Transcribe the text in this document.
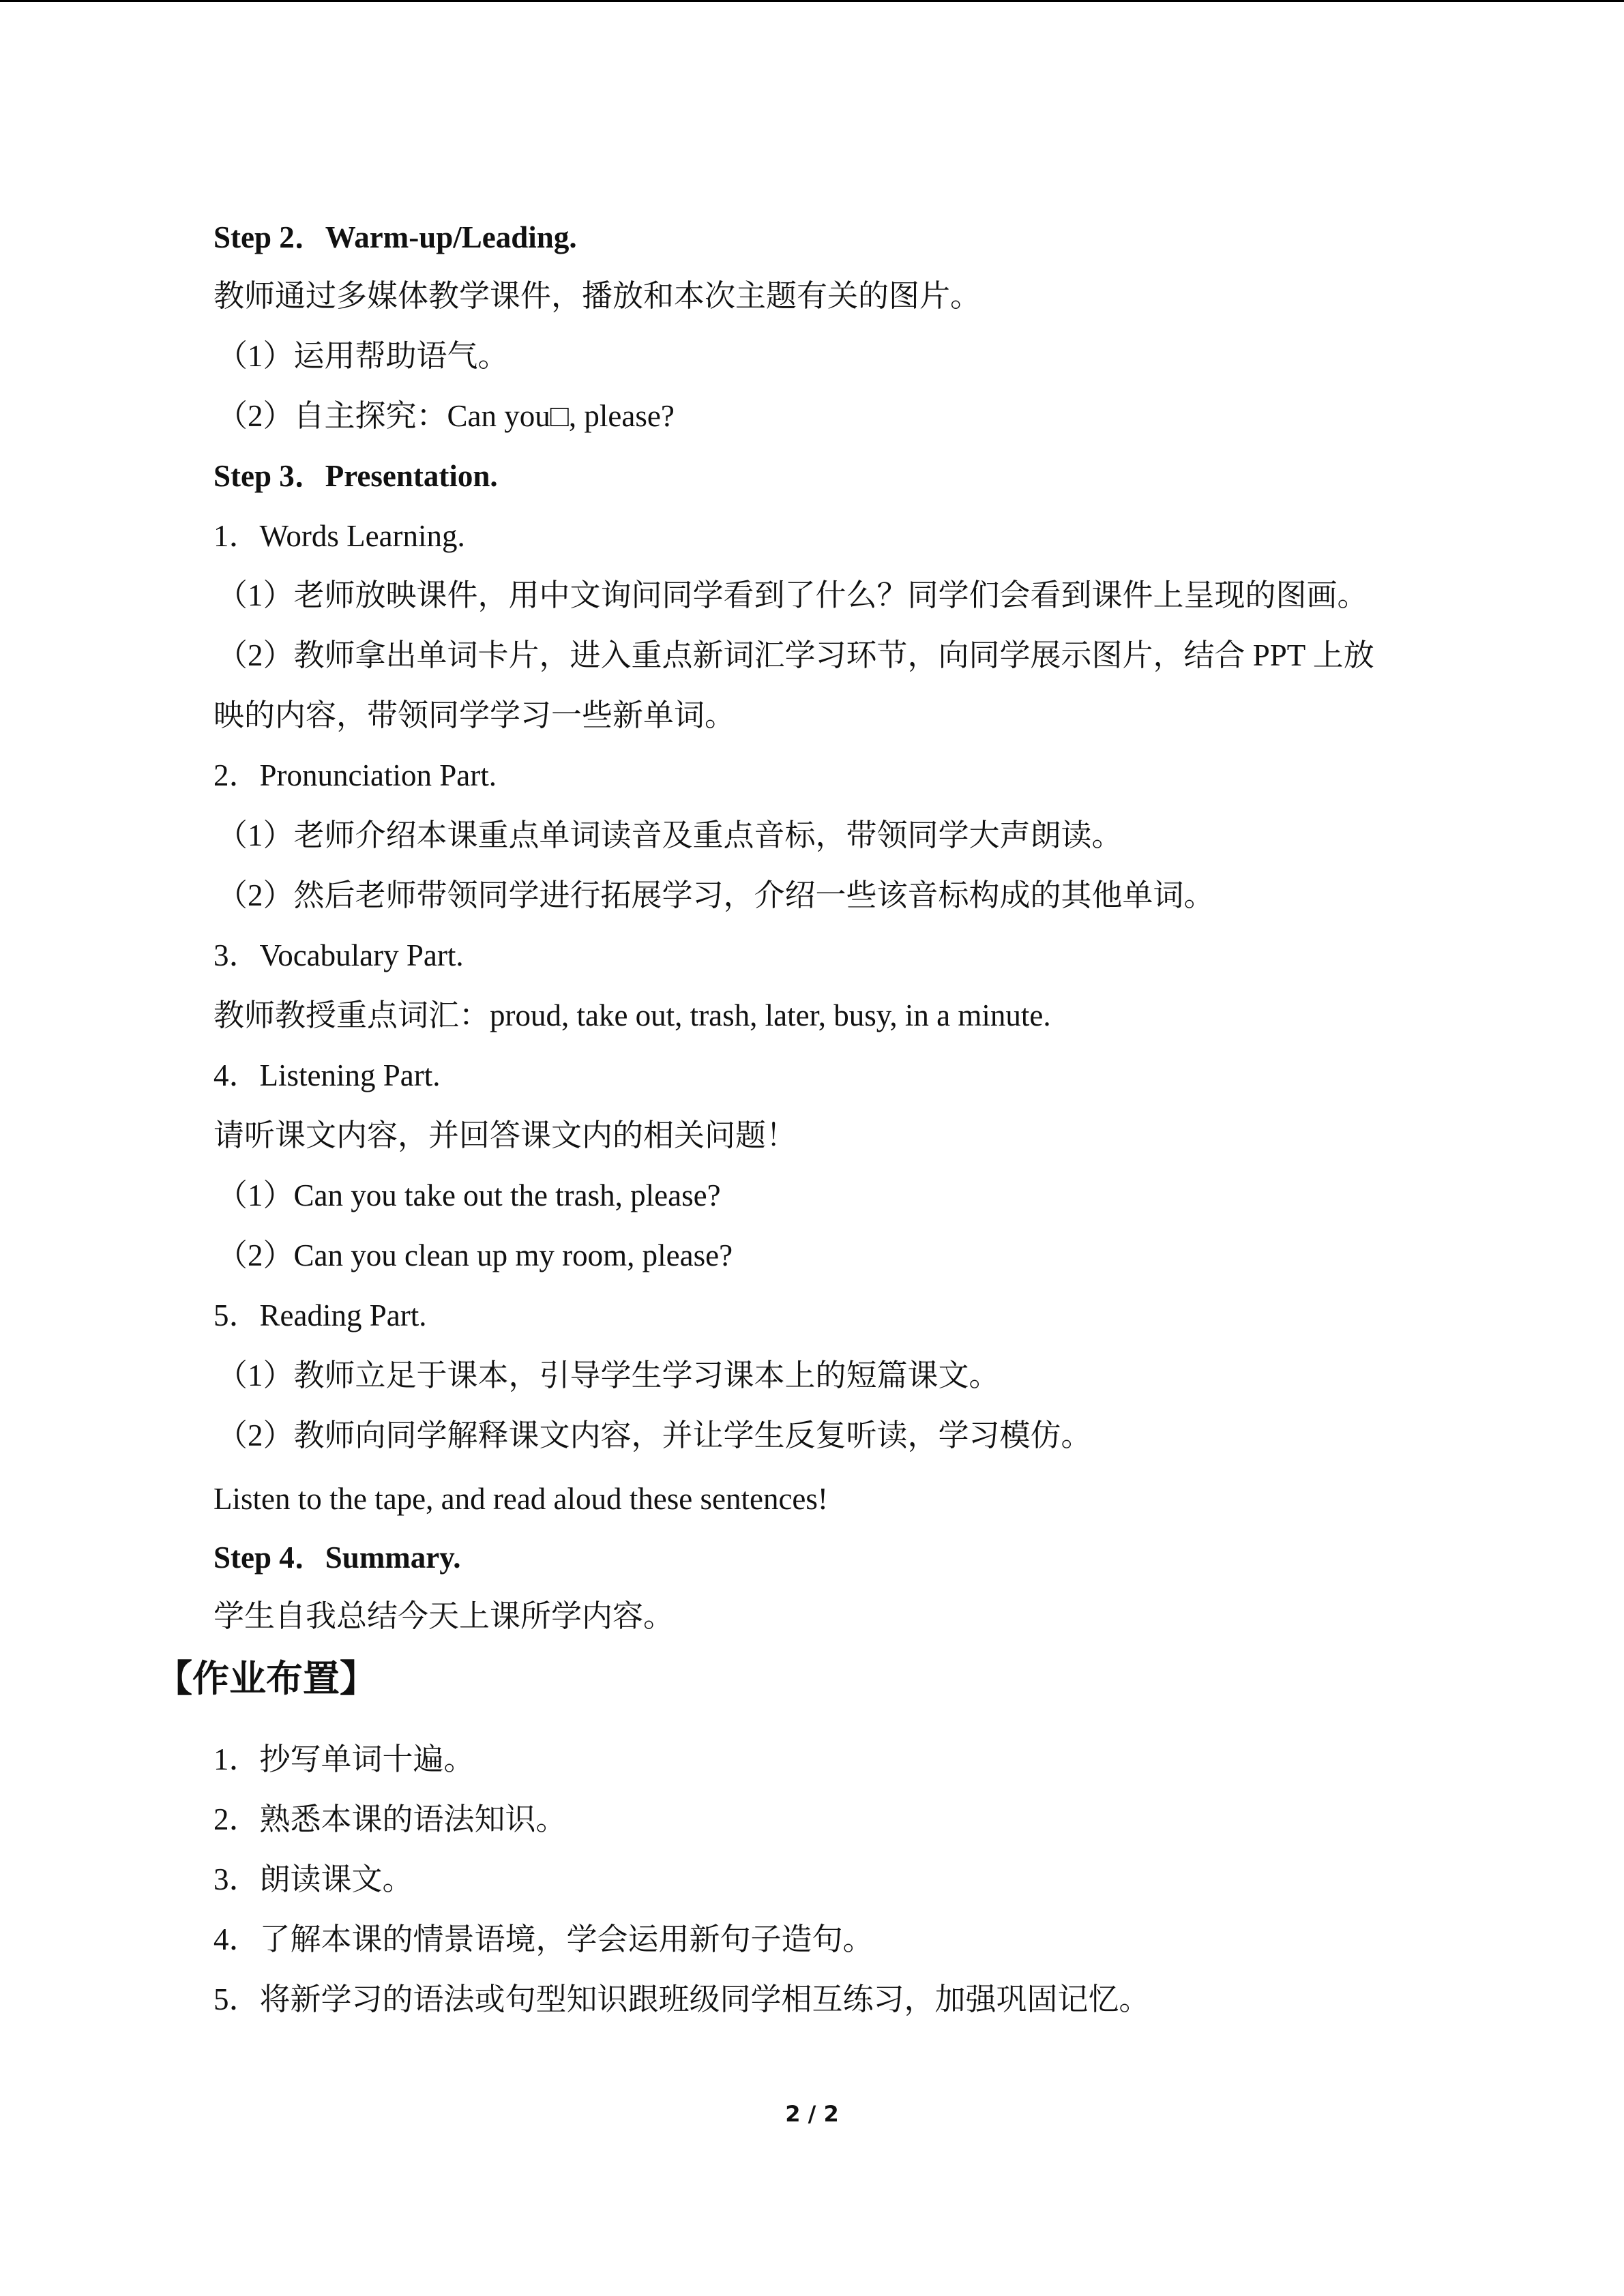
Step 2．Warm-up/Leading.
教师通过多媒体教学课件，播放和本次主题有关的图片。
（1）运用帮助语气。
（2）自主探究：Can you□, please?
Step 3．Presentation.
1．Words Learning.
（1）老师放映课件，用中文询问同学看到了什么？同学们会看到课件上呈现的图画。
（2）教师拿出单词卡片，进入重点新词汇学习环节，向同学展示图片，结合 PPT 上放
映的内容，带领同学学习一些新单词。
2．Pronunciation Part.
（1）老师介绍本课重点单词读音及重点音标，带领同学大声朗读。
（2）然后老师带领同学进行拓展学习，介绍一些该音标构成的其他单词。
3．Vocabulary Part.
教师教授重点词汇：proud, take out, trash, later, busy, in a minute.
4．Listening Part.
请听课文内容，并回答课文内的相关问题！
（1）Can you take out the trash, please?
（2）Can you clean up my room, please?
5．Reading Part.
（1）教师立足于课本，引导学生学习课本上的短篇课文。
（2）教师向同学解释课文内容，并让学生反复听读，学习模仿。
Listen to the tape, and read aloud these sentences!
Step 4．Summary.
学生自我总结今天上课所学内容。
【作业布置】
1．抄写单词十遍。
2．熟悉本课的语法知识。
3．朗读课文。
4．了解本课的情景语境，学会运用新句子造句。
5．将新学习的语法或句型知识跟班级同学相互练习，加强巩固记忆。
2 / 2
